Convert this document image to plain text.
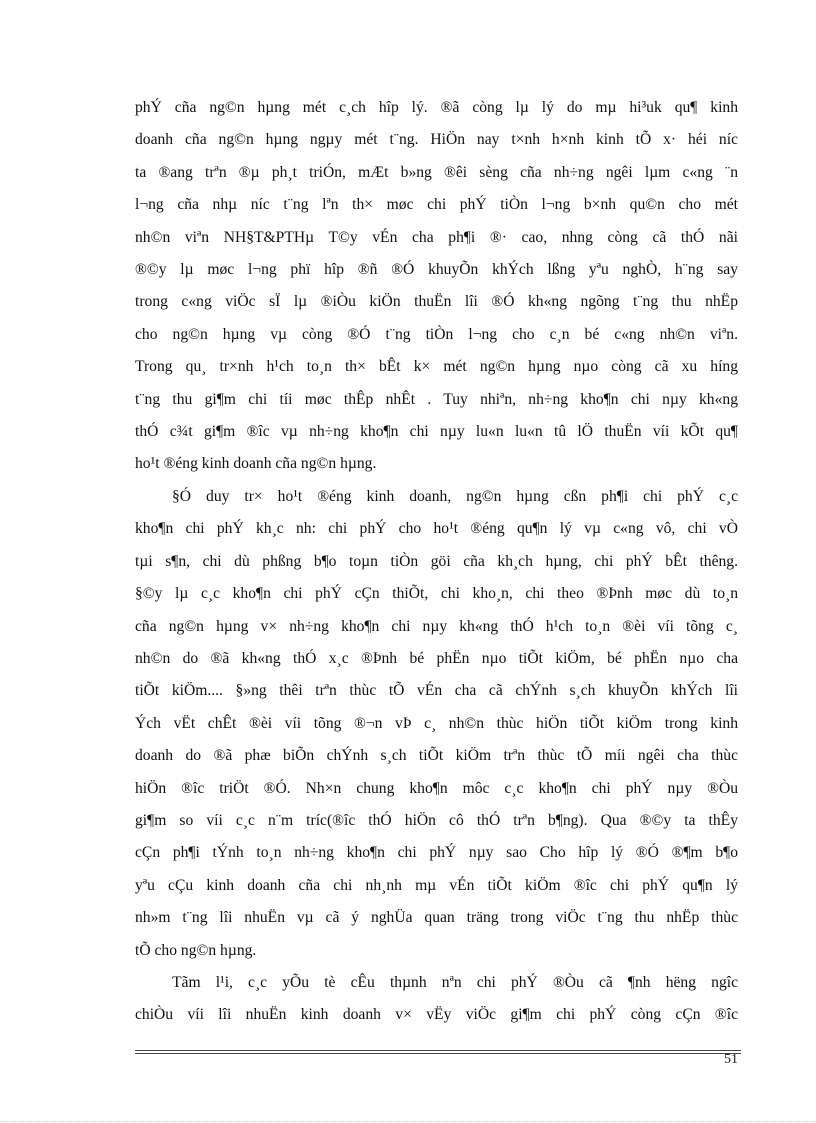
phÝ cña ng©n hµng mét c¸ch hîp lý. ®ã còng lµ lý do mµ hi³uk qu¶ kinh

doanh cña ng©n hµng ngµy mét t¨ng. HiÖn nay t×nh h×nh kinh tÕ x· héi níc

ta ®ang trªn ®µ ph¸t triÓn, mÆt b»ng ®êi sèng cña nh÷ng ngêi lµm c«ng ¨n

l¬ng cña nhµ níc t¨ng lªn th× møc chi phÝ tiÒn l¬ng b×nh qu©n cho mét

nh©n viªn NH§T&PTHµ T©y vÉn cha ph¶i ®· cao, nhng còng cã thÓ nãi

®©y lµ møc l¬ng phï hîp ®ñ ®Ó khuyÕn khÝch lßng yªu nghÒ, h¨ng say

trong c«ng viÖc sÏ lµ ®iÒu kiÖn thuËn lîi ®Ó kh«ng ngõng t¨ng thu nhËp

cho ng©n hµng vµ còng ®Ó t¨ng tiÒn l¬ng cho c¸n bé c«ng nh©n viªn.

Trong qu¸ tr×nh h¹ch to¸n th× bÊt k× mét ng©n hµng nµo còng cã xu híng

t¨ng thu gi¶m chi tíi møc thÊp nhÊt . Tuy nhiªn, nh÷ng kho¶n chi nµy kh«ng

thÓ c¾t gi¶m ®îc vµ nh÷ng kho¶n chi nµy lu«n lu«n tû lÖ thuËn víi kÕt qu¶

ho¹t ®éng kinh doanh cña ng©n hµng.

§Ó duy tr× ho¹t ®éng kinh doanh, ng©n hµng cßn ph¶i chi phÝ c¸c

kho¶n chi phÝ kh¸c nh: chi phÝ cho ho¹t ®éng qu¶n lý vµ c«ng vô, chi vÒ

tµi s¶n, chi dù phßng b¶o toµn tiÒn göi cña kh¸ch hµng, chi phÝ bÊt thêng.

§©y lµ c¸c kho¶n chi phÝ cÇn thiÕt, chi kho¸n, chi theo ®Þnh møc dù to¸n

cña ng©n hµng v× nh÷ng kho¶n chi nµy kh«ng thÓ h¹ch to¸n ®èi víi tõng c¸

nh©n do ®ã kh«ng thÓ x¸c ®Þnh bé phËn nµo tiÕt kiÖm, bé phËn nµo cha

tiÕt kiÖm.... §»ng thêi trªn thùc tÕ vÉn cha cã chÝnh s¸ch khuyÕn khÝch lîi

Ých vËt chÊt ®èi víi tõng ®¬n vÞ c¸ nh©n thùc hiÖn tiÕt kiÖm trong kinh

doanh do ®ã phæ biÕn chÝnh s¸ch tiÕt kiÖm trªn thùc tÕ míi ngêi cha thùc

hiÖn ®îc triÖt ®Ó. Nh×n chung kho¶n môc c¸c kho¶n chi phÝ nµy ®Òu

gi¶m so víi c¸c n¨m tríc(®îc thÓ hiÖn cô thÓ trªn b¶ng). Qua ®©y ta thÊy

cÇn ph¶i tÝnh to¸n nh÷ng kho¶n chi phÝ nµy sao Cho hîp lý ®Ó ®¶m b¶o

yªu cÇu kinh doanh cña chi nh¸nh mµ vÉn tiÕt kiÖm ®îc chi phÝ qu¶n lý

nh»m t¨ng lîi nhuËn vµ cã ý nghÜa quan träng trong viÖc t¨ng thu nhËp thùc

tÕ cho ng©n hµng.

Tãm l¹i, c¸c yÕu tè cÊu thµnh nªn chi phÝ ®Òu cã ¶nh hëng ngîc

chiÒu víi lîi nhuËn kinh doanh v× vËy viÖc gi¶m chi phÝ còng cÇn ®îc

51
